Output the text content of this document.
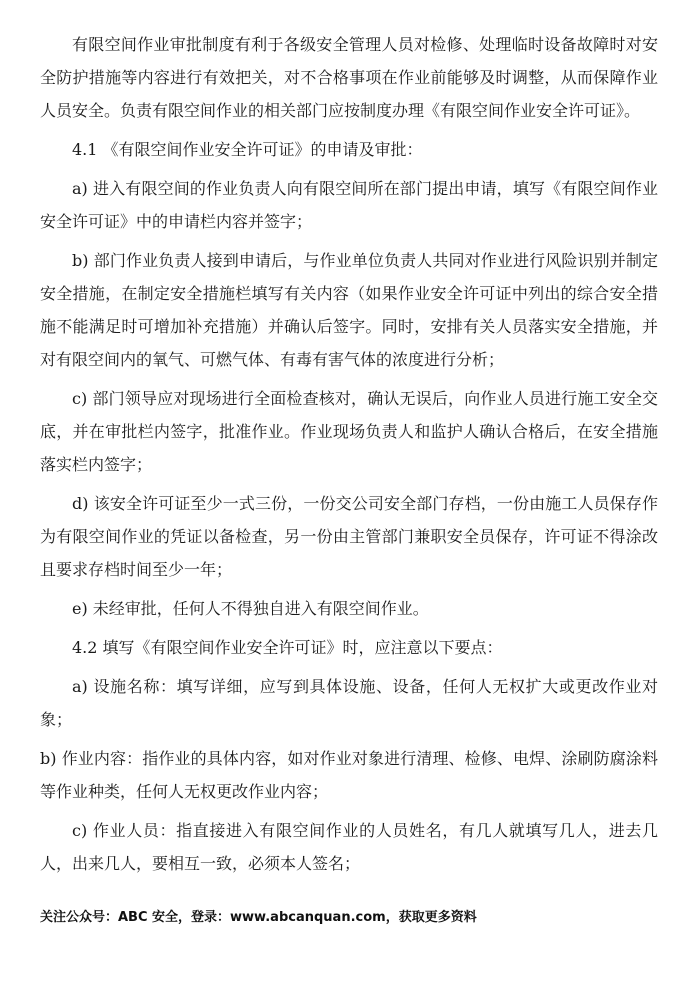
有限空间作业审批制度有利于各级安全管理人员对检修、处理临时设备故障时对安全防护措施等内容进行有效把关，对不合格事项在作业前能够及时调整，从而保障作业人员安全。负责有限空间作业的相关部门应按制度办理《有限空间作业安全许可证》。

4.1 《有限空间作业安全许可证》的申请及审批：

a) 进入有限空间的作业负责人向有限空间所在部门提出申请，填写《有限空间作业安全许可证》中的申请栏内容并签字；

b) 部门作业负责人接到申请后，与作业单位负责人共同对作业进行风险识别并制定安全措施，在制定安全措施栏填写有关内容（如果作业安全许可证中列出的综合安全措施不能满足时可增加补充措施）并确认后签字。同时，安排有关人员落实安全措施，并对有限空间内的氧气、可燃气体、有毒有害气体的浓度进行分析；

c) 部门领导应对现场进行全面检查核对，确认无误后，向作业人员进行施工安全交底，并在审批栏内签字，批准作业。作业现场负责人和监护人确认合格后，在安全措施落实栏内签字；

d) 该安全许可证至少一式三份，一份交公司安全部门存档，一份由施工人员保存作为有限空间作业的凭证以备检查，另一份由主管部门兼职安全员保存，许可证不得涂改且要求存档时间至少一年；

e) 未经审批，任何人不得独自进入有限空间作业。

4.2 填写《有限空间作业安全许可证》时，应注意以下要点：

a) 设施名称：填写详细，应写到具体设施、设备，任何人无权扩大或更改作业对象；

b) 作业内容：指作业的具体内容，如对作业对象进行清理、检修、电焊、涂刷防腐涂料等作业种类，任何人无权更改作业内容；

c) 作业人员：指直接进入有限空间作业的人员姓名，有几人就填写几人，进去几人，出来几人，要相互一致，必须本人签名；

关注公众号：ABC 安全，登录：www.abcanquan.com，获取更多资料
